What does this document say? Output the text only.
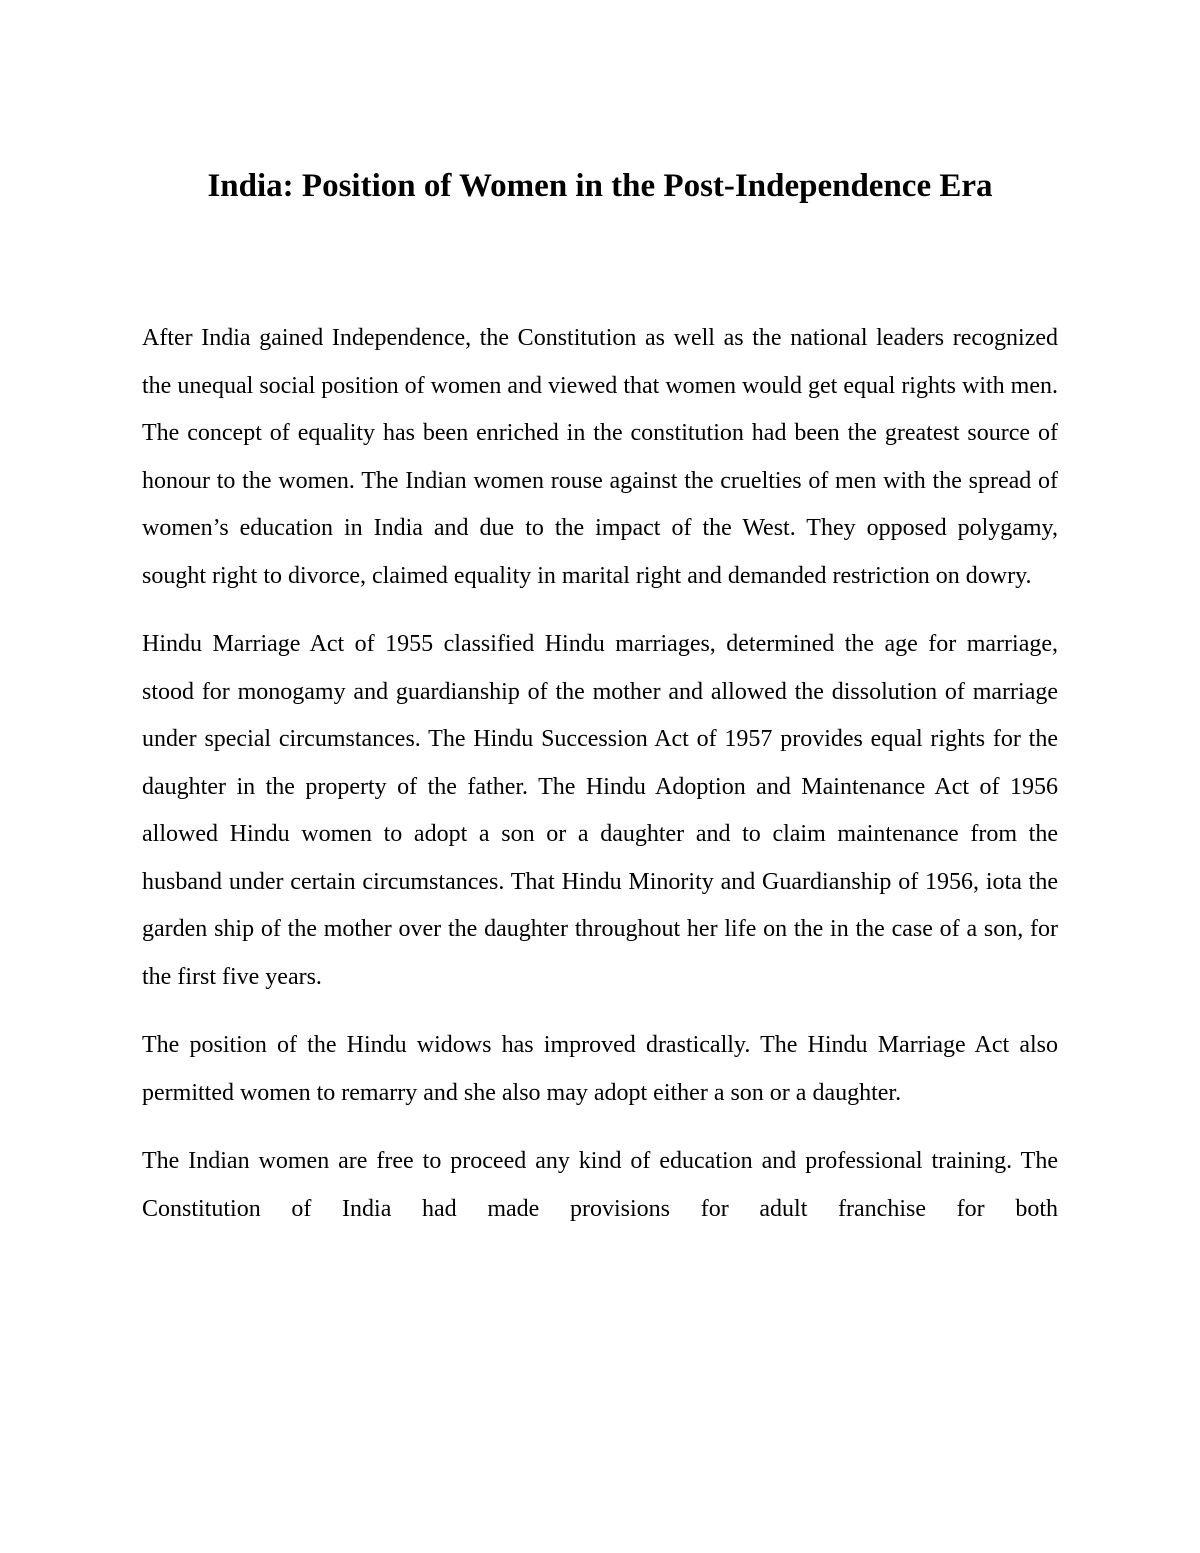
India: Position of Women in the Post-Independence Era

After India gained Independence, the Constitution as well as the national leaders recognized the unequal social position of women and viewed that women would get equal rights with men. The concept of equality has been enriched in the constitution had been the greatest source of honour to the women. The Indian women rouse against the cruelties of men with the spread of women’s education in India and due to the impact of the West. They opposed polygamy, sought right to divorce, claimed equality in marital right and demanded restriction on dowry.

Hindu Marriage Act of 1955 classified Hindu marriages, determined the age for marriage, stood for monogamy and guardianship of the mother and allowed the dissolution of marriage under special circumstances. The Hindu Succession Act of 1957 provides equal rights for the daughter in the property of the father. The Hindu Adoption and Maintenance Act of 1956 allowed Hindu women to adopt a son or a daughter and to claim maintenance from the husband under certain circumstances. That Hindu Minority and Guardianship of 1956, iota the garden ship of the mother over the daughter throughout her life on the in the case of a son, for the first five years.

The position of the Hindu widows has improved drastically. The Hindu Marriage Act also permitted women to remarry and she also may adopt either a son or a daughter.

The Indian women are free to proceed any kind of education and professional training. The Constitution of India had made provisions for adult franchise for both
